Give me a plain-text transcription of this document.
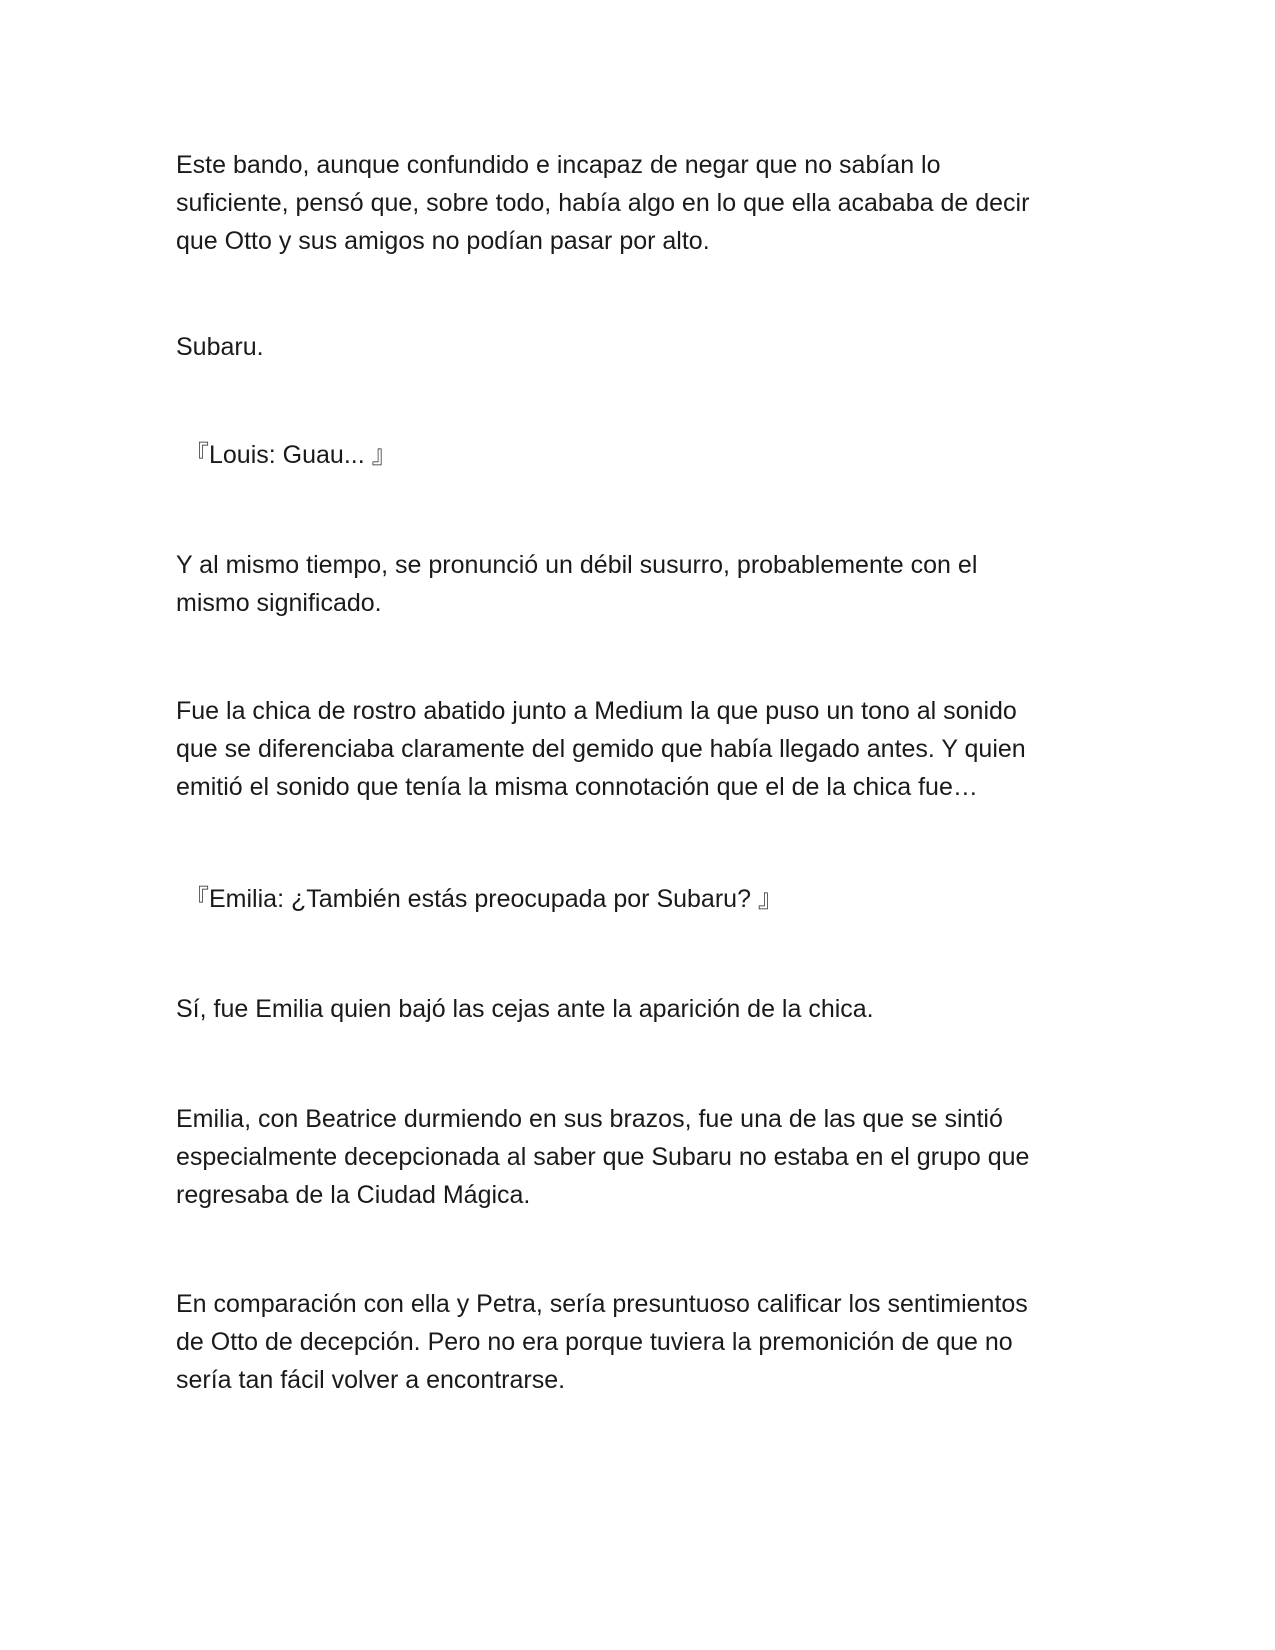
Este bando, aunque confundido e incapaz de negar que no sabían lo
suficiente, pensó que, sobre todo, había algo en lo que ella acababa de decir
que Otto y sus amigos no podían pasar por alto.

Subaru.

『Louis: Guau... 』

Y al mismo tiempo, se pronunció un débil susurro, probablemente con el
mismo significado.

Fue la chica de rostro abatido junto a Medium la que puso un tono al sonido
que se diferenciaba claramente del gemido que había llegado antes. Y quien
emitió el sonido que tenía la misma connotación que el de la chica fue…

『Emilia: ¿También estás preocupada por Subaru? 』

Sí, fue Emilia quien bajó las cejas ante la aparición de la chica.

Emilia, con Beatrice durmiendo en sus brazos, fue una de las que se sintió
especialmente decepcionada al saber que Subaru no estaba en el grupo que
regresaba de la Ciudad Mágica.

En comparación con ella y Petra, sería presuntuoso calificar los sentimientos
de Otto de decepción. Pero no era porque tuviera la premonición de que no
sería tan fácil volver a encontrarse.
